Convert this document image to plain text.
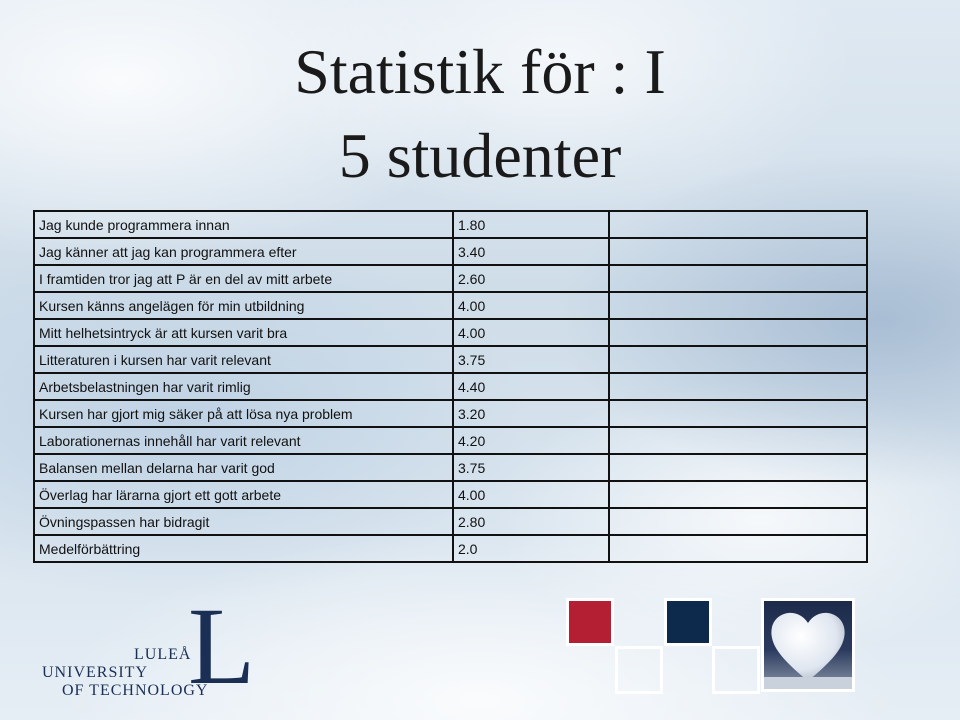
Statistik för : I
5 studenter
Jag kunde programmera innan	1.80	
Jag känner att jag kan programmera efter	3.40	
I framtiden tror jag att P är en del av mitt arbete	2.60	
Kursen känns angelägen för min utbildning	4.00	
Mitt helhetsintryck är att kursen varit bra	4.00	
Litteraturen i kursen har varit relevant	3.75	
Arbetsbelastningen har varit rimlig	4.40	
Kursen har gjort mig säker på att lösa nya problem	3.20	
Laborationernas innehåll har varit relevant	4.20	
Balansen mellan delarna har varit god	3.75	
Överlag har lärarna gjort ett gott arbete	4.00	
Övningspassen har bidragit	2.80	
Medelförbättring	2.0	
L
LULEÅ
UNIVERSITY
OF TECHNOLOGY
